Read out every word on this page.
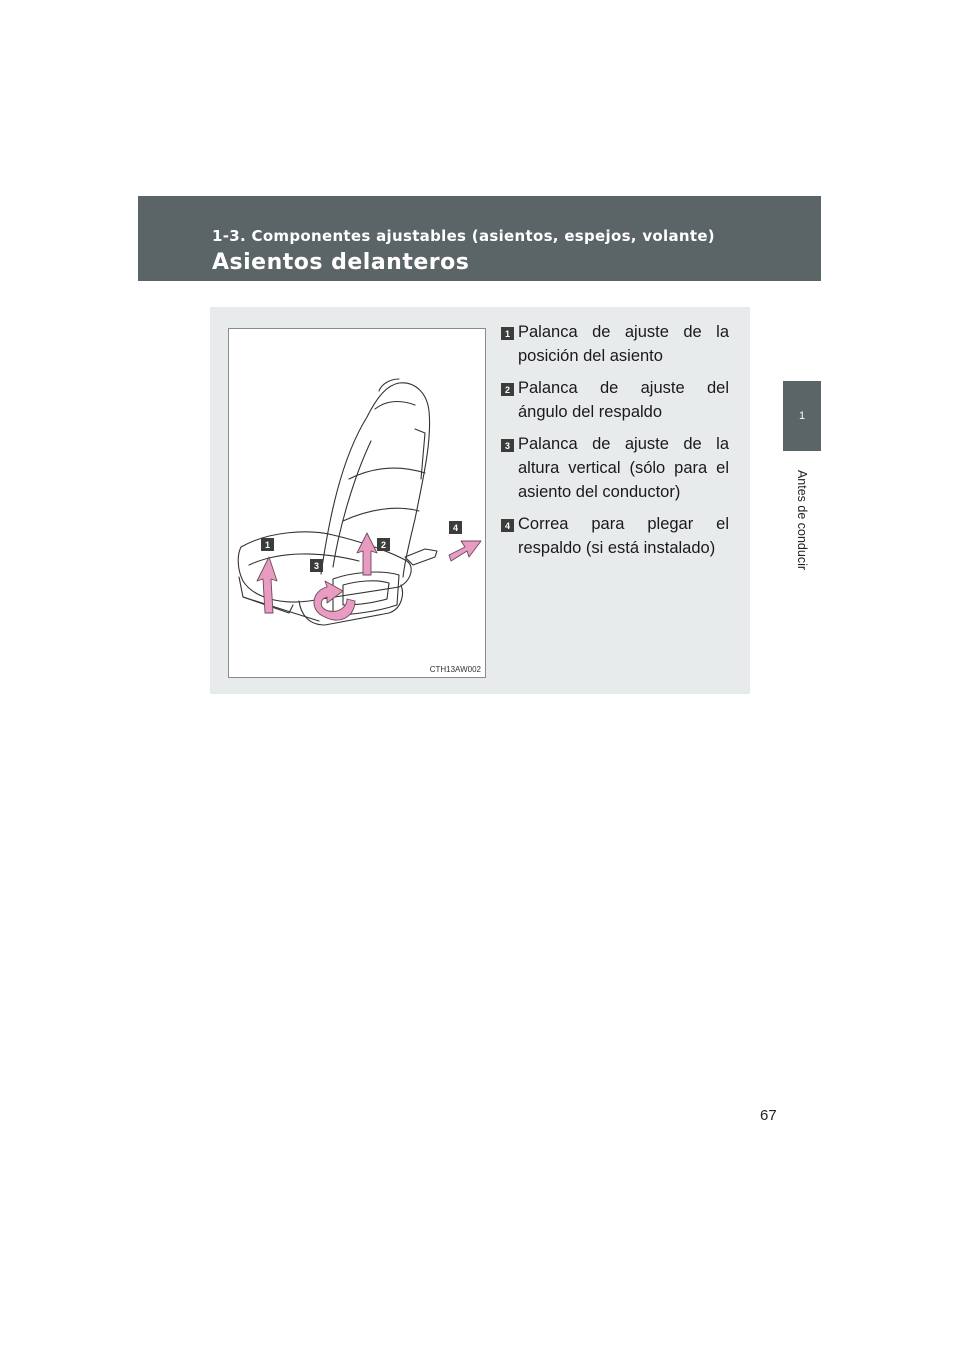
1-3. Componentes ajustables (asientos, espejos, volante)
Asientos delanteros
1
Antes de conducir
1	2
3
4
CTH13AW002
1 Palanca de ajuste de la posición del asiento
2 Palanca de ajuste del ángulo del respaldo
3 Palanca de ajuste de la altura vertical (sólo para el asiento del conductor)
4 Correa para plegar el respaldo (si está instalado)
67
